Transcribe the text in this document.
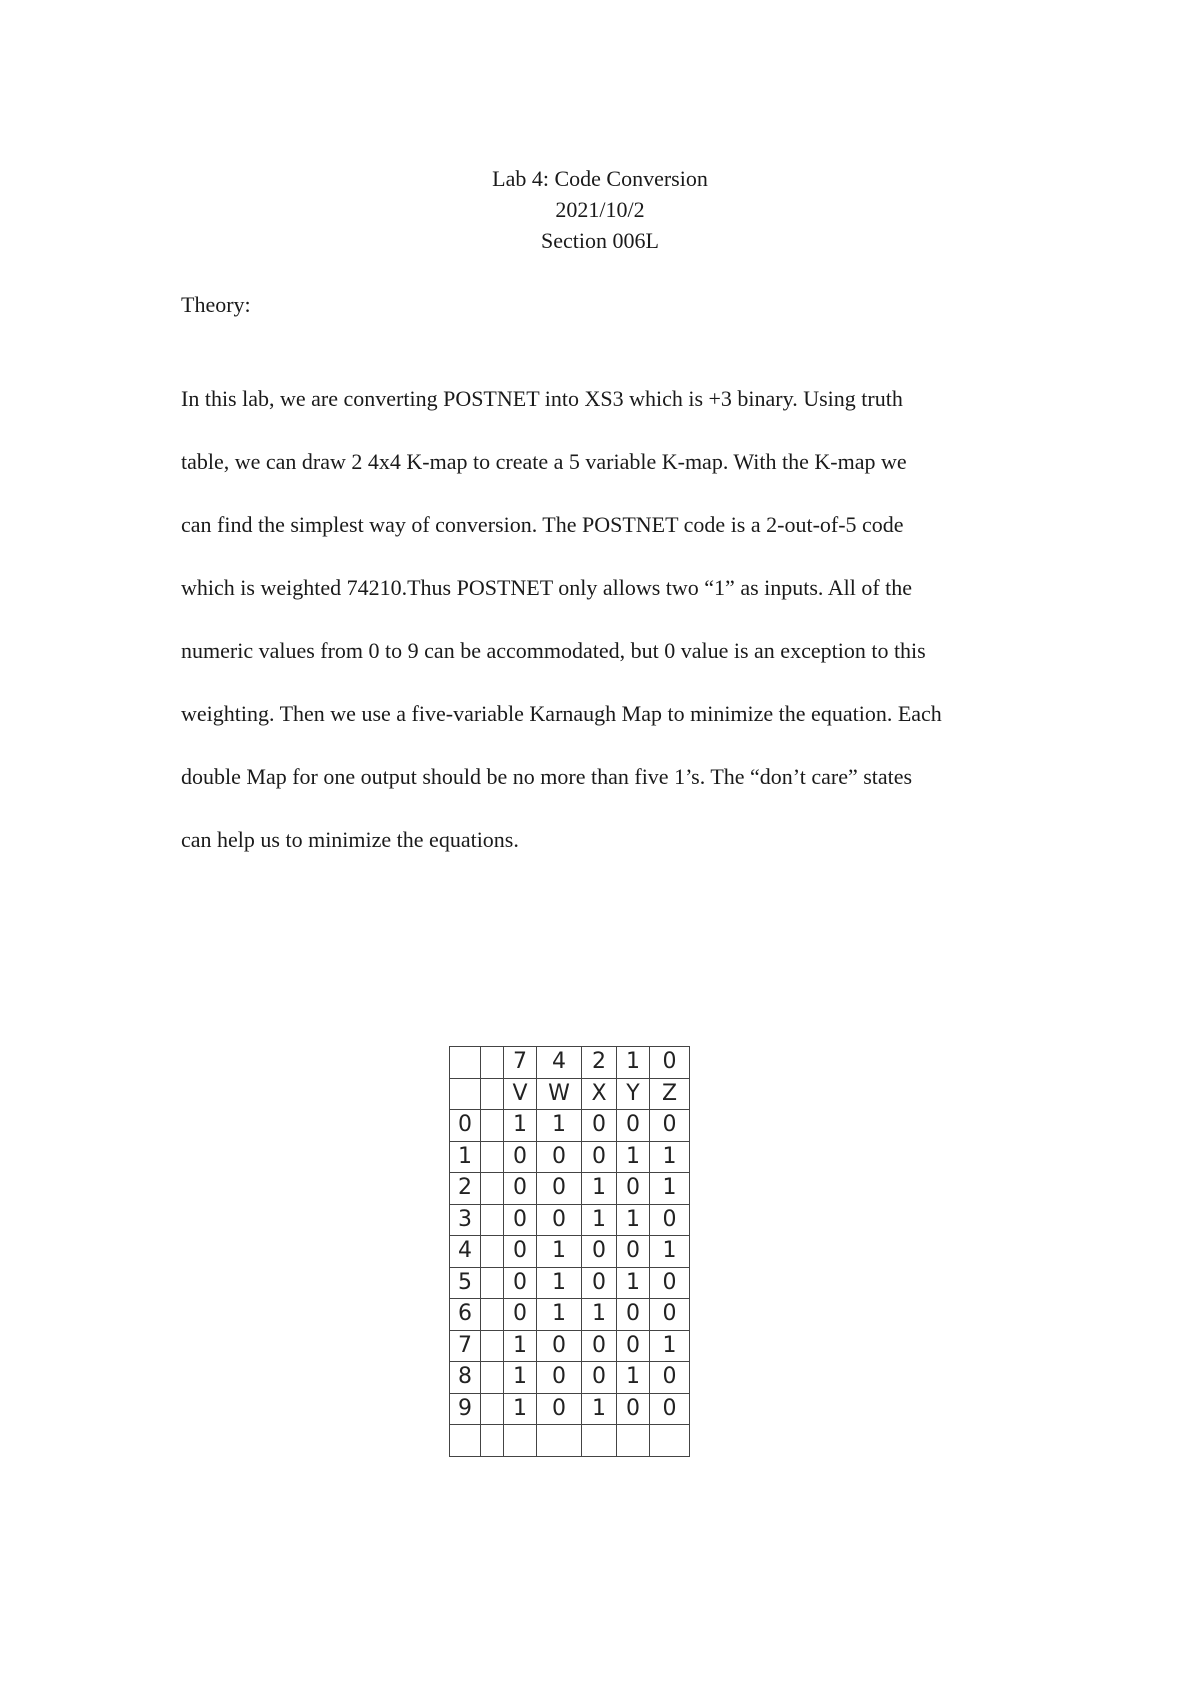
Lab 4: Code Conversion
2021/10/2
Section 006L
Theory:
In this lab, we are converting POSTNET into XS3 which is +3 binary. Using truth
table, we can draw 2 4x4 K-map to create a 5 variable K-map. With the K-map we
can find the simplest way of conversion. The POSTNET code is a 2-out-of-5 code
which is weighted 74210.Thus POSTNET only allows two “1” as inputs. All of the
numeric values from 0 to 9 can be accommodated, but 0 value is an exception to this
weighting. Then we use a five-variable Karnaugh Map to minimize the equation. Each
double Map for one output should be no more than five 1’s. The “don’t care” states
can help us to minimize the equations.
		7	4	2	1	0
		V	W	X	Y	Z
0		1	1	0	0	0
1		0	0	0	1	1
2		0	0	1	0	1
3		0	0	1	1	0
4		0	1	0	0	1
5		0	1	0	1	0
6		0	1	1	0	0
7		1	0	0	0	1
8		1	0	0	1	0
9		1	0	1	0	0
